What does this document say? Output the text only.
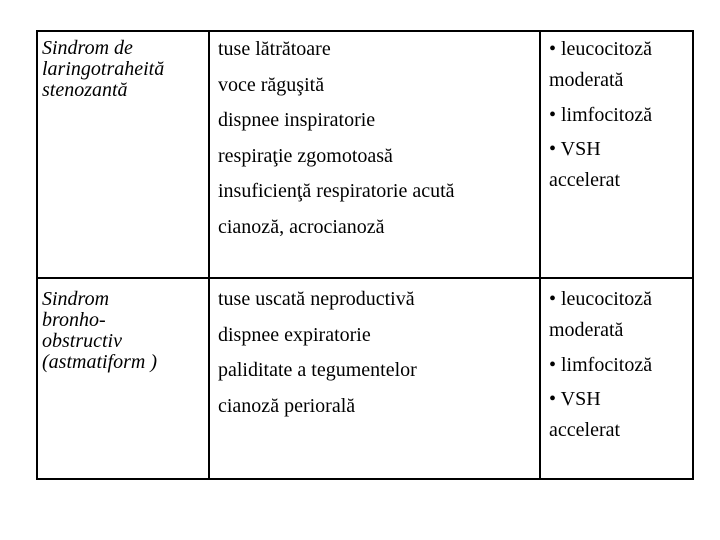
Sindrom de
laringotraheită
stenozantă
tuse lătrătoare
voce răguşită
dispnee inspiratorie
respiraţie zgomotoasă
insuficienţă respiratorie acută
cianoză, acrocianoză
• leucocitoză
moderată
• limfocitoză
• VSH
accelerat
Sindrom
bronho-
obstructiv
(astmatiform )
tuse uscată neproductivă
dispnee expiratorie
paliditate a tegumentelor
cianoză periorală
• leucocitoză
moderată
• limfocitoză
• VSH
accelerat
